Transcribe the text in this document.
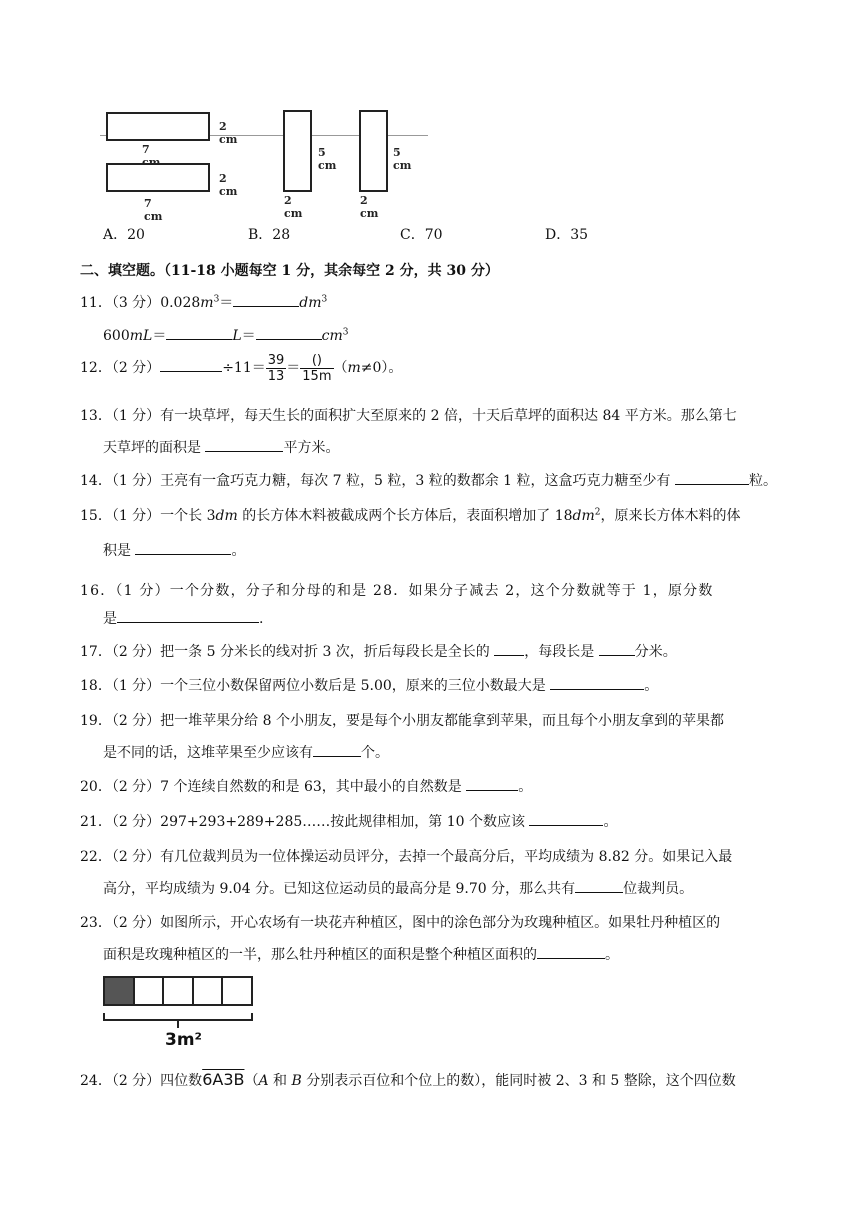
2 cm
7
2 cm
7 cm
5 cm
2 cm
5 cm
2 cm
A．20	B．28	C．70	D．35
二、填空题。（11-18 小题每空 1 分，其余每空 2 分，共 30 分）
11．（3 分）$0.028m^3=$	$dm^3$
600mL＝	L＝	$cm^3$
12．（2 分）	$\div 11= \frac{39}{13} = \frac{()}{15m} (m\ne 0)$。
13．（1 分）有一块草坪，每天生长的面积扩大至原来的 2 倍，十天后草坪的面积达 84 平方米。那么第七
天草坪的面积是	平方米。
14．（1 分）王亮有一盒巧克力糖，每次 7 粒，5 粒，3 粒的数都余 1 粒，这盒巧克力糖至少有	粒。
15．（1 分）一个长 3dm 的长方体木料被截成两个长方体后，表面积增加了 $18dm^2$，原来长方体木料的体
积是	。
16．（1 分）一个分数，分子和分母的和是 28．如果分子减去 2，这个分数就等于 1，原分数
是	.
17．（2 分）把一条 5 分米长的线对折 3 次，折后每段长是全长的 ，每段长是	分米。
18．（1 分）一个三位小数保留两位小数后是 5.00，原来的三位小数最大是	。
19．（2 分）把一堆苹果分给 8 个小朋友，要是每个小朋友都能拿到苹果，而且每个小朋友拿到的苹果都
是不同的话，这堆苹果至少应该有	个。
20．（2 分）7 个连续自然数的和是 63，其中最小的自然数是	。
21．（2 分）297+293+289+285……按此规律相加，第 10 个数应该	。
22．（2 分）有几位裁判员为一位体操运动员评分，去掉一个最高分后，平均成绩为 8.82 分。如果记入最
高分，平均成绩为 9.04 分。已知这位运动员的最高分是 9.70 分，那么共有	位裁判员。
23．（2 分）如图所示，开心农场有一块花卉种植区，图中的涂色部分为玫瑰种植区。如果牡丹种植区的
面积是玫瑰种植区的一半，那么牡丹种植区的面积是整个种植区面积的	。
3m²
24．（2 分）四位数6A3B（A 和 B 分别表示百位和个位上的数），能同时被 2、3 和 5 整除，这个四位数
